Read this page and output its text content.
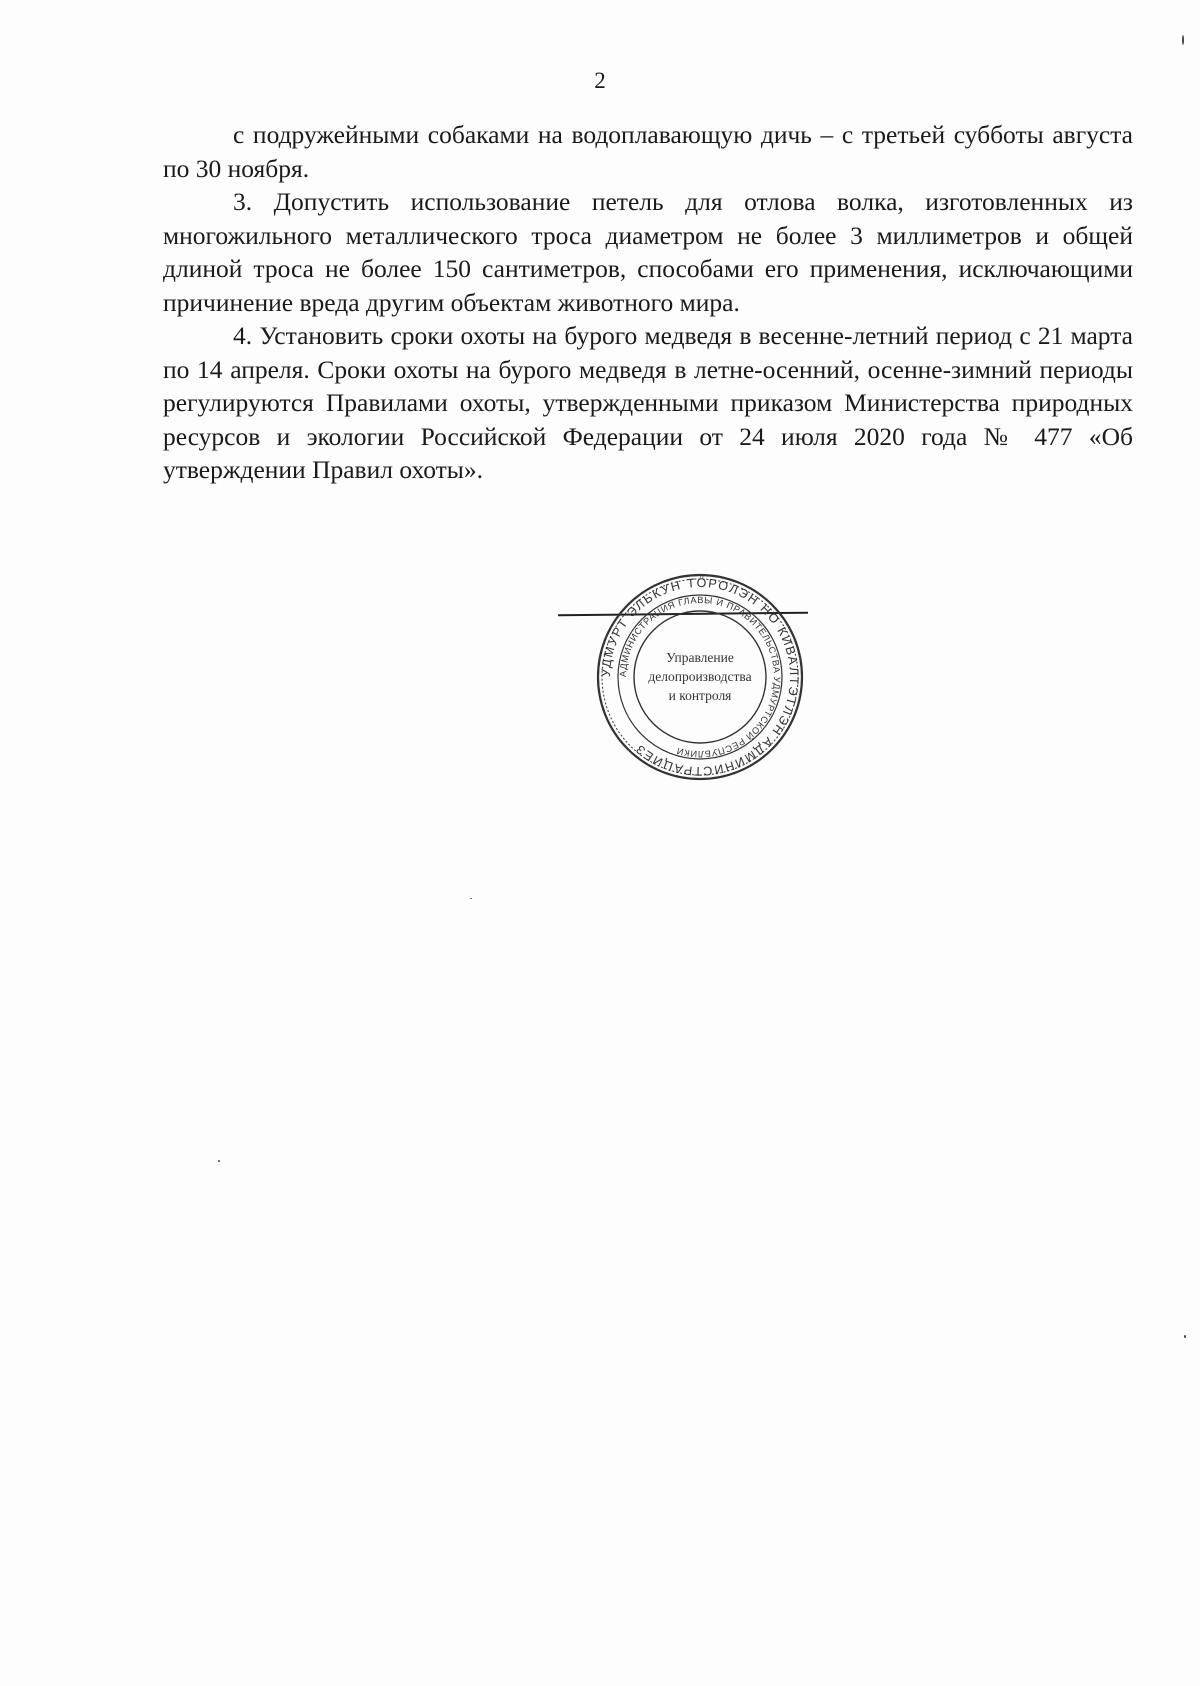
2

с подружейными собаками на водоплавающую дичь – с третьей субботы августа по 30 ноября.

3. Допустить использование петель для отлова волка, изготовленных из многожильного металлического троса диаметром не более 3 миллиметров и общей длиной троса не более 150 сантиметров, способами его применения, исключающими причинение вреда другим объектам животного мира.

4. Установить сроки охоты на бурого медведя в весенне-летний период с 21 марта по 14 апреля. Сроки охоты на бурого медведя в летне-осенний, осенне-зимний периоды регулируются Правилами охоты, утвержденными приказом Министерства природных ресурсов и экологии Российской Федерации от 24 июля 2020 года № 477 «Об утверждении Правил охоты».

УДМУРТ ЭЛЬКУН ТÖРОЛЭН НО КИВАЛТЭТЛЭН АДМИНИСТРАЦИЕЗ
АДМИНИСТРАЦИЯ ГЛАВЫ И ПРАВИТЕЛЬСТВА УДМУРТСКОЙ РЕСПУБЛИКИ
Управление
делопроизводства
и контроля
